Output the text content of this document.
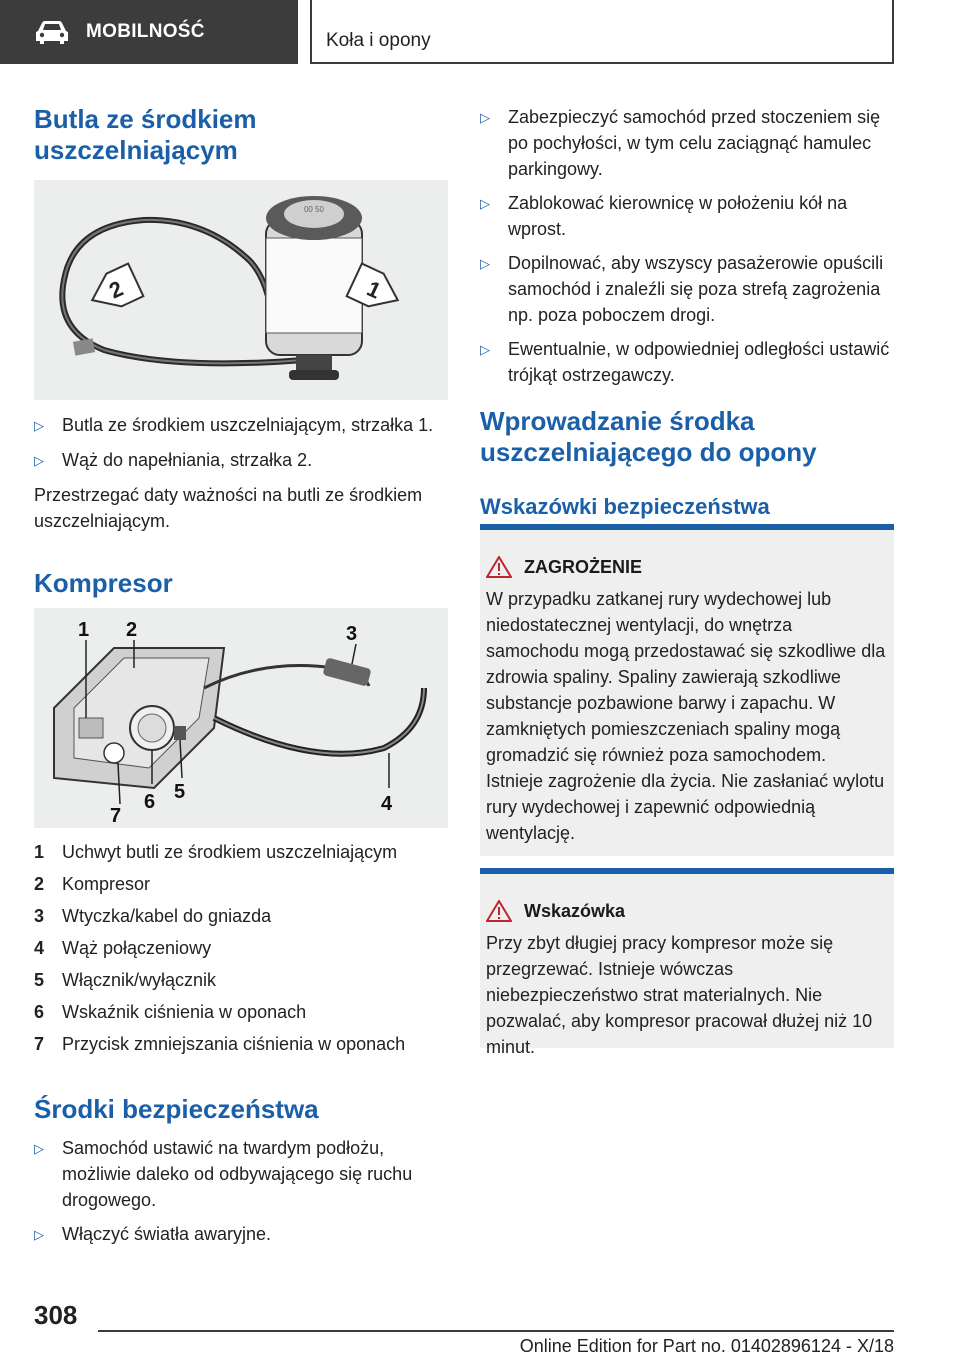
MOBILNOŚĆ	Koła i opony
Butla ze środkiem uszczelniającym
00 50
2	1
▷	Butla ze środkiem uszczelniającym, strzałka 1.
▷	Wąż do napełniania, strzałka 2.

Przestrzegać daty ważności na butli ze środkiem uszczelniającym.

Kompresor
1 2	3
4
5
6
7
1 Uchwyt butli ze środkiem uszczelniającym
2 Kompresor
3 Wtyczka/kabel do gniazda
4 Wąż połączeniowy
5 Włącznik/wyłącznik
6 Wskaźnik ciśnienia w oponach
7 Przycisk zmniejszania ciśnienia w oponach
Środki bezpieczeństwa
▷	Samochód ustawić na twardym podłożu, możliwie daleko od odbywającego się ruchu drogowego.
▷	Włączyć światła awaryjne.
▷	Zabezpieczyć samochód przed stoczeniem się po pochyłości, w tym celu zaciągnąć hamulec parkingowy.
▷	Zablokować kierownicę w położeniu kół na wprost.
▷	Dopilnować, aby wszyscy pasażerowie opuścili samochód i znaleźli się poza strefą zagrożenia np. poza poboczem drogi.
▷	Ewentualnie, w odpowiedniej odległości ustawić trójkąt ostrzegawczy.
Wprowadzanie środka uszczelniającego do opony
Wskazówki bezpieczeństwa
ZAGROŻENIE

W przypadku zatkanej rury wydechowej lub niedostatecznej wentylacji, do wnętrza samochodu mogą przedostawać się szkodliwe dla zdrowia spaliny. Spaliny zawierają szkodliwe substancje pozbawione barwy i zapachu. W zamkniętych pomieszczeniach spaliny mogą gromadzić się również poza samochodem. Istnieje zagrożenie dla życia. Nie zasłaniać wylotu rury wydechowej i zapewnić odpowiednią wentylację.

Wskazówka

Przy zbyt długiej pracy kompresor może się przegrzewać. Istnieje wówczas niebezpieczeństwo strat materialnych. Nie pozwalać, aby kompresor pracował dłużej niż 10 minut.

308
Online Edition for Part no. 01402896124 - X/18
